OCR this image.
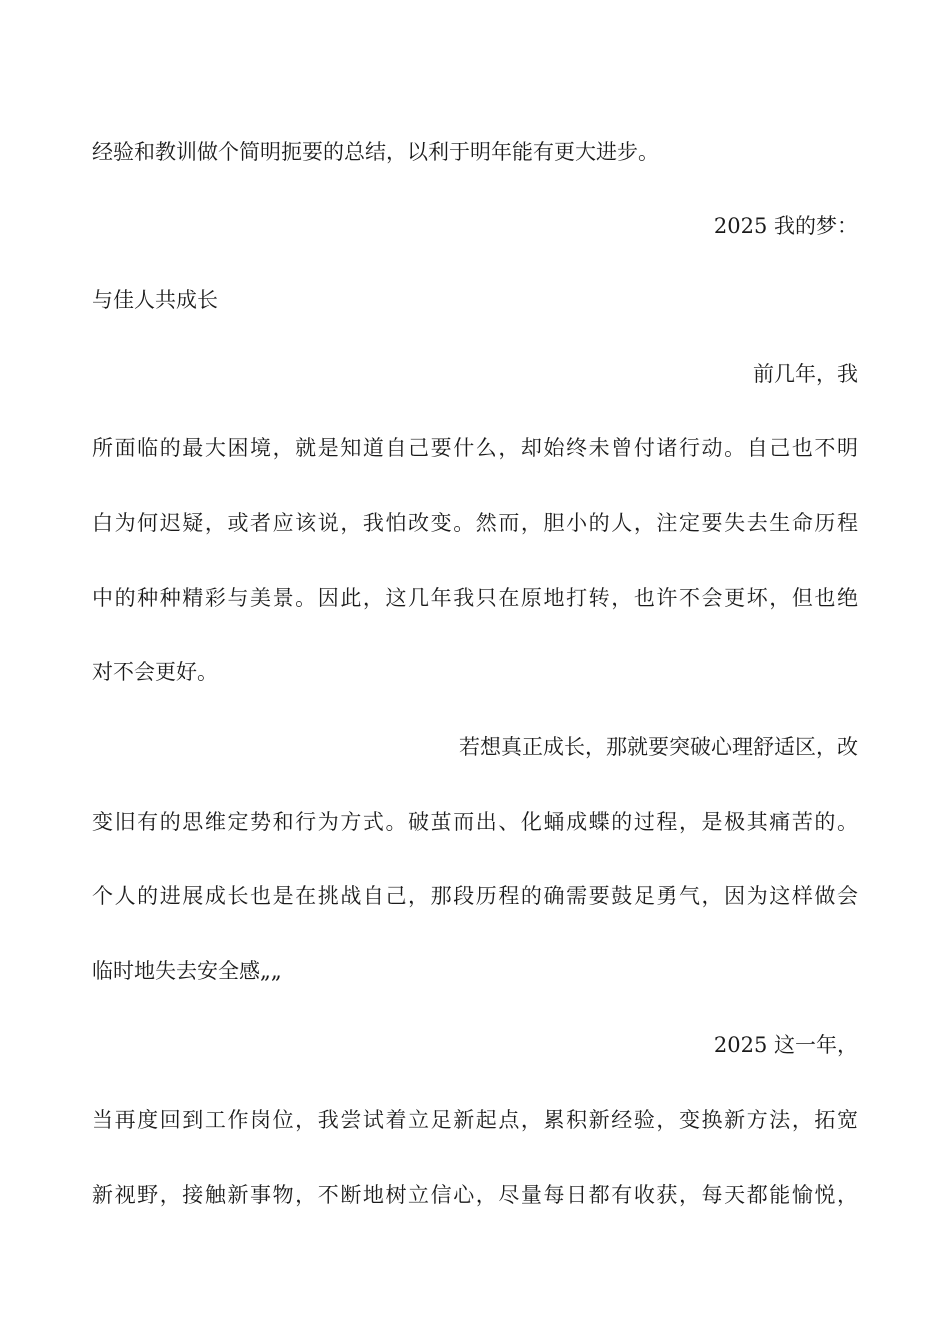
经验和教训做个简明扼要的总结，以利于明年能有更大进步。
2025 我的梦：
与佳人共成长
前几年，我
所面临的最大困境，就是知道自己要什么，却始终未曾付诸行动。自己也不明
白为何迟疑，或者应该说，我怕改变。然而，胆小的人，注定要失去生命历程
中的种种精彩与美景。因此，这几年我只在原地打转，也许不会更坏，但也绝
对不会更好。
若想真正成长，那就要突破心理舒适区，改
变旧有的思维定势和行为方式。破茧而出、化蛹成蝶的过程，是极其痛苦的。
个人的进展成长也是在挑战自己，那段历程的确需要鼓足勇气，因为这样做会
临时地失去安全感„„
2025 这一年，
当再度回到工作岗位，我尝试着立足新起点，累积新经验，变换新方法，拓宽
新视野，接触新事物，不断地树立信心，尽量每日都有收获，每天都能愉悦，
